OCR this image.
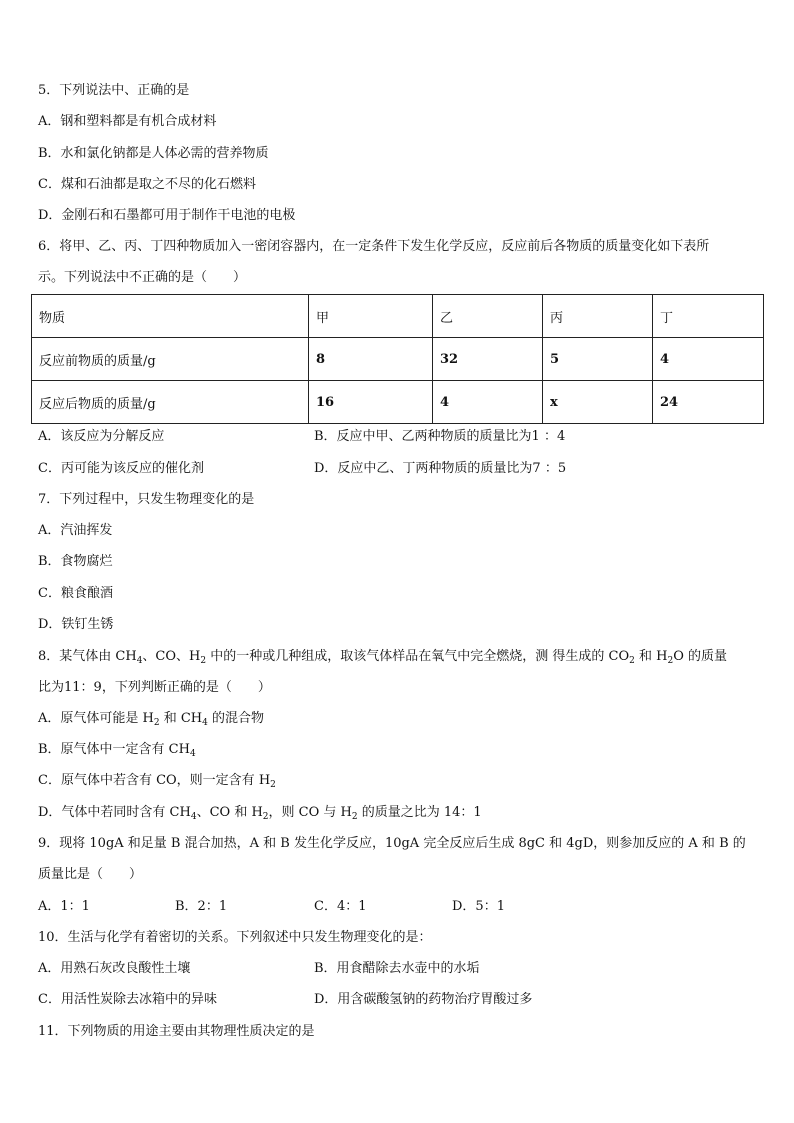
5．下列说法中、正确的是
A．钢和塑料都是有机合成材料
B．水和氯化钠都是人体必需的营养物质
C．煤和石油都是取之不尽的化石燃料
D．金刚石和石墨都可用于制作干电池的电极
6．将甲、乙、丙、丁四种物质加入一密闭容器内，在一定条件下发生化学反应，反应前后各物质的质量变化如下表所
示。下列说法中不正确的是（　　）
物质	甲	乙	丙	丁
反应前物质的质量/g	8	32	5	4
反应后物质的质量/g	16	4	x	24
A．该反应为分解反应	B．反应中甲、乙两种物质的质量比为1 ：4
C．丙可能为该反应的催化剂	D．反应中乙、丁两种物质的质量比为7 ：5
7．下列过程中，只发生物理变化的是
A．汽油挥发
B．食物腐烂
C．粮食酿酒
D．铁钉生锈
8．某气体由 $CH_4$、CO、$H_2$ 中的一种或几种组成，取该气体样品在氧气中完全燃烧，测 得生成的 $CO_2$ 和 $H_2O$ 的质量
比为11：9，下列判断正确的是（　　）
A．原气体可能是 $H_2$ 和 $CH_4$ 的混合物
B．原气体中一定含有 $CH_4$
C．原气体中若含有 CO，则一定含有 $H_2$
D．气体中若同时含有 $CH_4$、CO 和 $H_2$，则 CO 与 $H_2$ 的质量之比为 14：1
9．现将 10gA 和足量 B 混合加热，A 和 B 发生化学反应，10gA 完全反应后生成 8gC 和 4gD，则参加反应的 A 和 B 的
质量比是（　　）
A．1：1	B．2：1	C．4：1	D．5：1
10．生活与化学有着密切的关系。下列叙述中只发生物理变化的是：
A．用熟石灰改良酸性土壤	B．用食醋除去水壶中的水垢
C．用活性炭除去冰箱中的异味	D．用含碳酸氢钠的药物治疗胃酸过多
11．下列物质的用途主要由其物理性质决定的是
